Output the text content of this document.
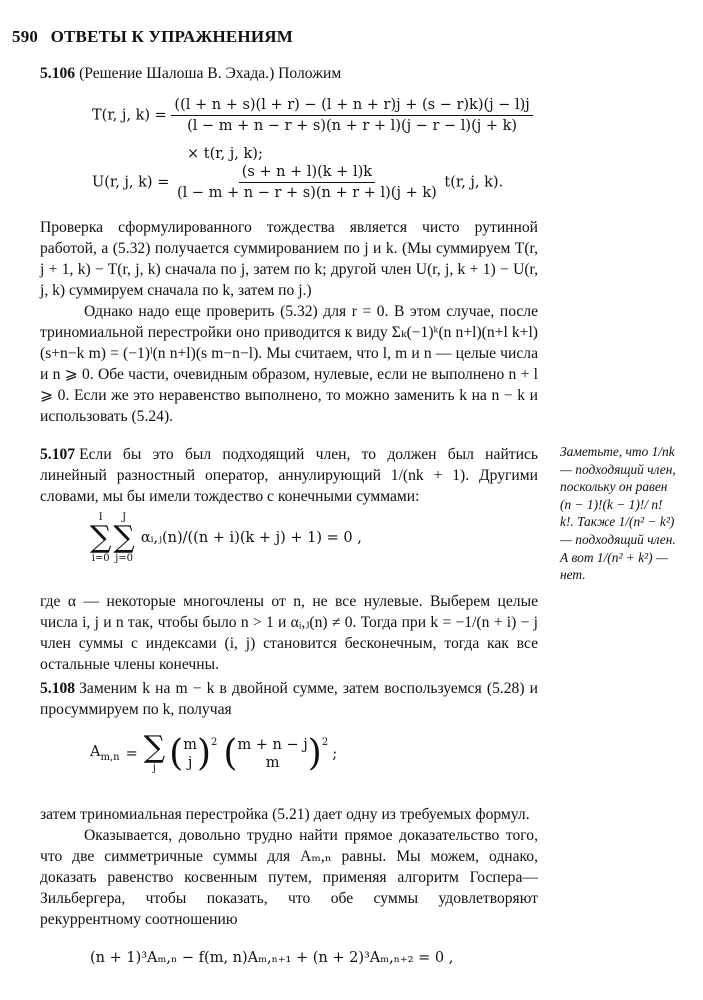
590 ОТВЕТЫ К УПРАЖНЕНИЯМ

5.106 (Решение Шалоша В. Эхада.) Положим

T(r, j, $k) = \frac{((l + n + s)(l + r) - (l + n + r)j + (s - r)k)(j - l)j}{(l - m + n - r + s)(n + r + l)(j - r - l)(j + k)}$
× t(r, j, k);
U(r, j, $k) = \frac{(s + n + l)(k + l)k}{(l - m + n - r + s)(n + r + l)(j + k)} t(r$, j, k).

Проверка сформулированного тождества является чисто рутинной работой, а (5.32) получается суммированием по j и k. (Мы суммируем T(r, j + 1, k) − T(r, j, k) сначала по j, затем по k; другой член U(r, j, k + 1) − U(r, j, k) суммируем сначала по k, затем по j.)

Однако надо еще проверить (5.32) для r = 0. В этом случае, после триномиальной перестройки оно приводится к виду Σₖ(−1)ᵏ(n n+l)(n+l k+l)(s+n−k m) = (−1)ˡ(n n+l)(s m−n−l). Мы считаем, что l, m и n — целые числа и n ⩾ 0. Обе части, очевидным образом, нулевые, если не выполнено n + l ⩾ 0. Если же это неравенство выполнено, то можно заменить k на n − k и использовать (5.24).

5.107 Если бы это был подходящий член, то должен был найтись линейный разностный оператор, аннулирующий 1/(nk + 1). Другими словами, мы бы имели тождество с конечными суммами:

I
∑
i=0
J
∑
j=0
αᵢ,ⱼ(n)/((n + i)(k + j) + 1) = 0 ,

где α — некоторые многочлены от n, не все нулевые. Выберем целые числа i, j и n так, чтобы было n > 1 и αᵢ,ⱼ(n) ≠ 0. Тогда при k = −1/(n + i) − j член суммы с индексами (i, j) становится бесконечным, тогда как все остальные члены конечны.

Заметьте, что 1/nk — подходящий член, поскольку он равен (n − 1)!(k − 1)!/ n! k!. Также 1/(n² − k²) — подходящий член. А вот 1/(n² + k²) — нет.

5.108 Заменим k на m − k в двойной сумме, затем воспользуемся (5.28) и просуммируем по k, получая

$A_{m,n}$ = ∑
j ( m
j )$^2$ ( m + n − j
m )$^2$
;

затем триномиальная перестройка (5.21) дает одну из требуемых формул.

Оказывается, довольно трудно найти прямое доказательство того, что две симметричные суммы для Aₘ,ₙ равны. Мы можем, однако, доказать равенство косвенным путем, применяя алгоритм Госпера—Зильбергера, чтобы показать, что обе суммы удовлетворяют рекуррентному соотношению

(n + 1)³Aₘ,ₙ − f(m, n)Aₘ,ₙ₊₁ + (n + 2)³Aₘ,ₙ₊₂ = 0 ,
